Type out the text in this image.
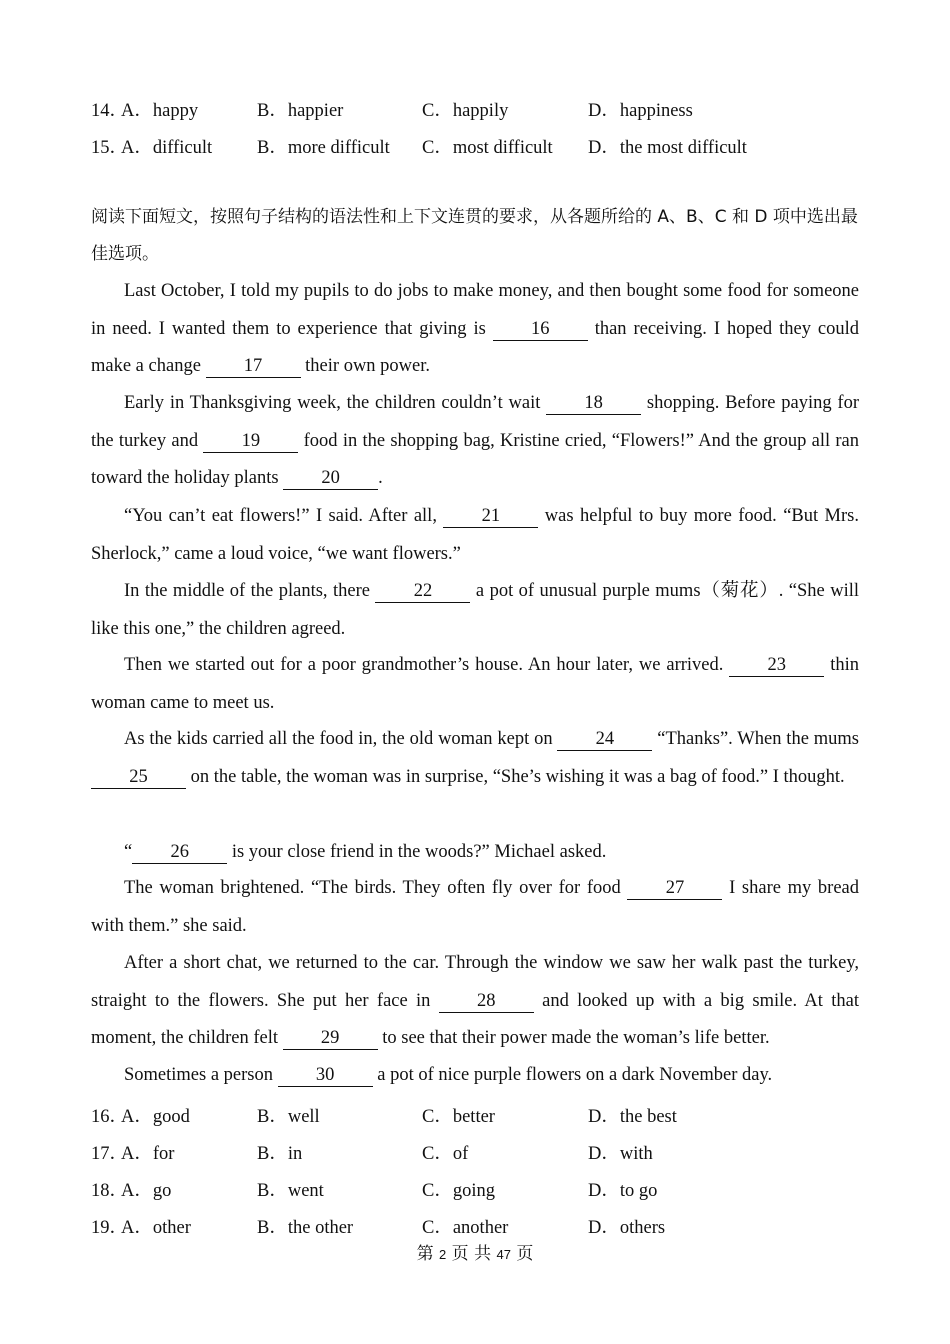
14．
A．happy	B．happier	C．happily	D．happiness
15．
A．difficult B．more difficult C．most difficult D．the most difficult
阅读下面短文，按照句子结构的语法性和上下文连贯的要求，从各题所给的 A、B、C 和 D 项中选出最佳选项。
Last October, I told my pupils to do jobs to make money, and then bought some food for someone in need. I wanted them to experience that giving is 16 than receiving. I hoped they could make a change 17 their own power.
Early in Thanksgiving week, the children couldn’t wait 18 shopping. Before paying for the turkey and 19 food in the shopping bag, Kristine cried, “Flowers!” And the group all ran toward the holiday plants 20 .
“You can’t eat flowers!” I said. After all, 21 was helpful to buy more food. “But Mrs. Sherlock,” came a loud voice, “we want flowers.”
In the middle of the plants, there 22 a pot of unusual purple mums（菊花）. “She will like this one,” the children agreed.
Then we started out for a poor grandmother’s house. An hour later, we arrived. 23 thin woman came to meet us.
As the kids carried all the food in, the old woman kept on 24 “Thanks”. When the mums 25 on the table, the woman was in surprise, “She’s wishing it was a bag of food.” I thought.
“ 26 is your close friend in the woods?” Michael asked.
The woman brightened. “The birds. They often fly over for food 27 I share my bread with them.” she said.
After a short chat, we returned to the car. Through the window we saw her walk past the turkey, straight to the flowers. She put her face in 28 and looked up with a big smile. At that moment, the children felt 29 to see that their power made the woman’s life better.
Sometimes a person 30 a pot of nice purple flowers on a dark November day.
16．
A．good	B．well	C．better	D．the best
17．
A．for	B．in	C．of	D．with
18．
A．go	B．went	C．going	D．to go
19．
A．other	B．the other	C．another	D．others
第 2 页 共 47 页
